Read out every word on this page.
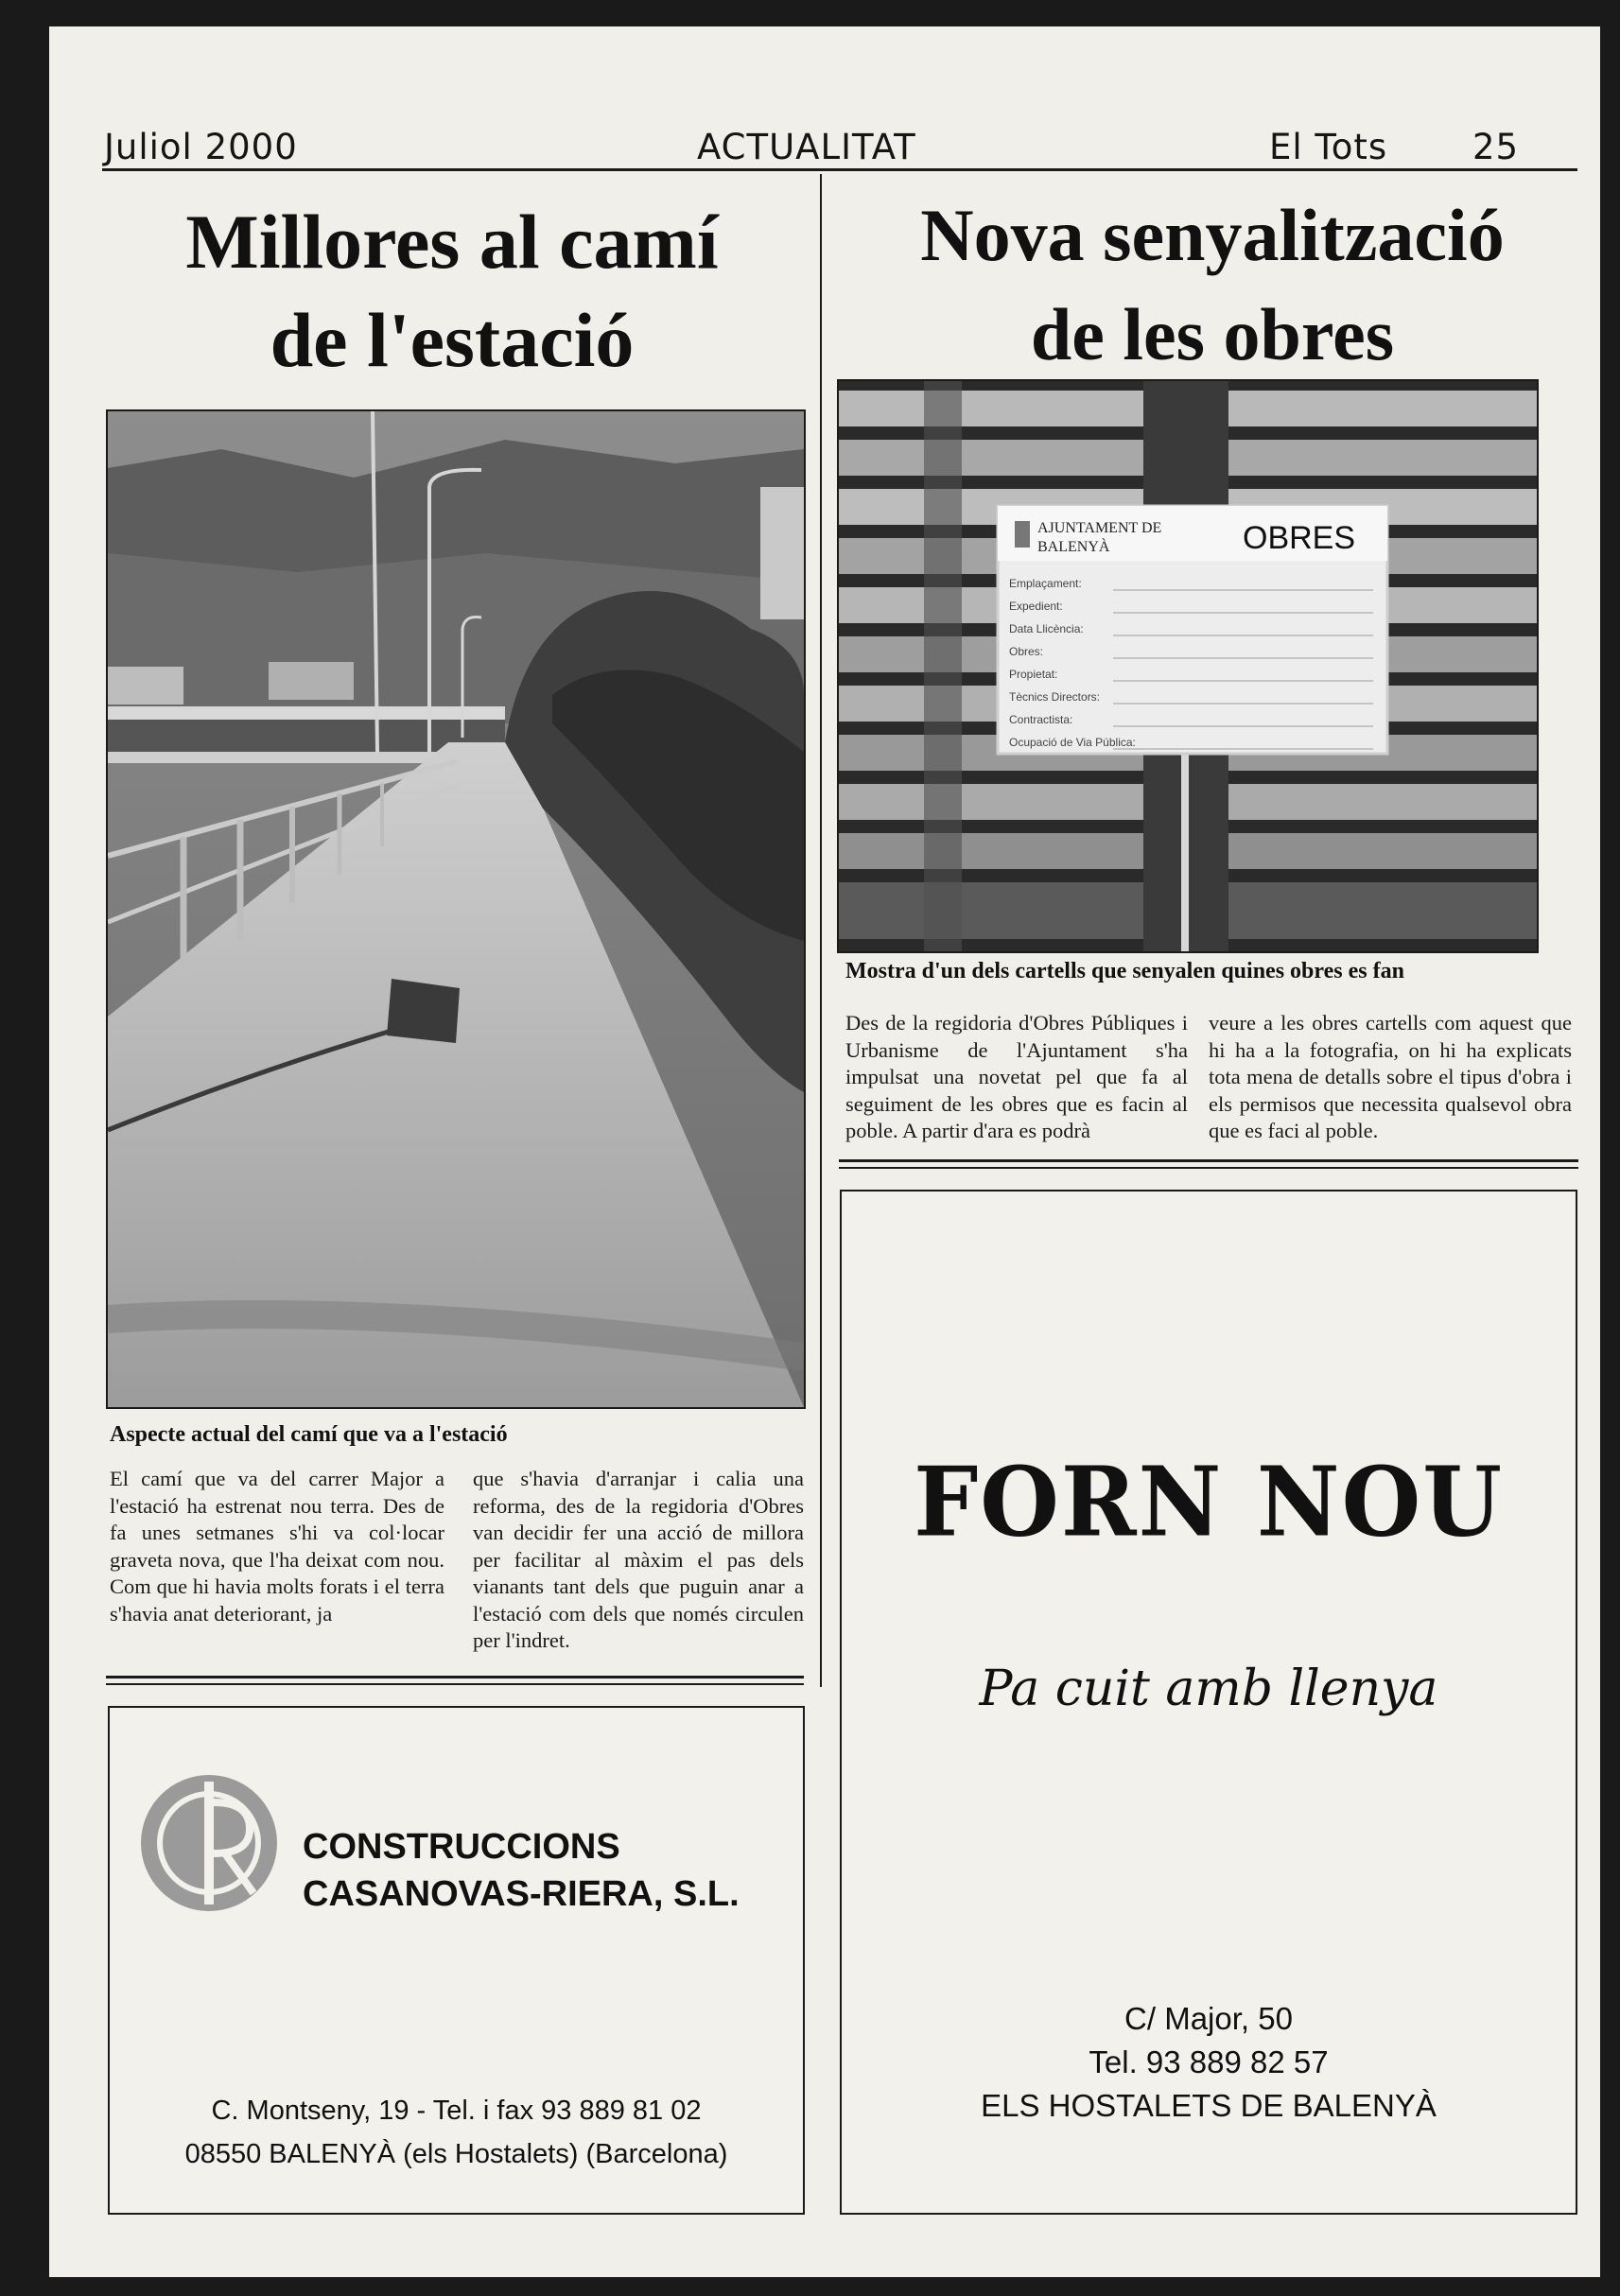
Juliol 2000	ACTUALITAT	El Tots 25
Millores al camí
de l'estació
Aspecte actual del camí que va a l'estació

El camí que va del carrer Major a l'estació ha estrenat nou terra. Des de fa unes setmanes s'hi va col·locar graveta nova, que l'ha deixat com nou. Com que hi havia molts forats i el terra s'havia anat deteriorant, ja

que s'havia d'arranjar i calia una reforma, des de la regidoria d'Obres van decidir fer una acció de millora per facilitar al màxim el pas dels vianants tant dels que puguin anar a l'estació com dels que només circulen per l'indret.

Nova senyalització
de les obres
AJUNTAMENT DE
BALENYÀ	OBRES
Emplaçament:
Expedient:
Data Llicència:
Obres:
Propietat:
Tècnics Directors:
Contractista:
Ocupació de Via Pública:
Mostra d'un dels cartells que senyalen quines obres es fan

Des de la regidoria d'Obres Públiques i Urbanisme de l'Ajuntament s'ha impulsat una novetat pel que fa al seguiment de les obres que es facin al poble. A partir d'ara es podrà

veure a les obres cartells com aquest que hi ha a la fotografia, on hi ha explicats tota mena de detalls sobre el tipus d'obra i els permisos que necessita qualsevol obra que es faci al poble.

CONSTRUCCIONS
CASANOVAS-RIERA, S.L.
C. Montseny, 19 - Tel. i fax 93 889 81 02
08550 BALENYÀ (els Hostalets) (Barcelona)
FORN NOU
Pa cuit amb llenya
C/ Major, 50
Tel. 93 889 82 57
ELS HOSTALETS DE BALENYÀ
